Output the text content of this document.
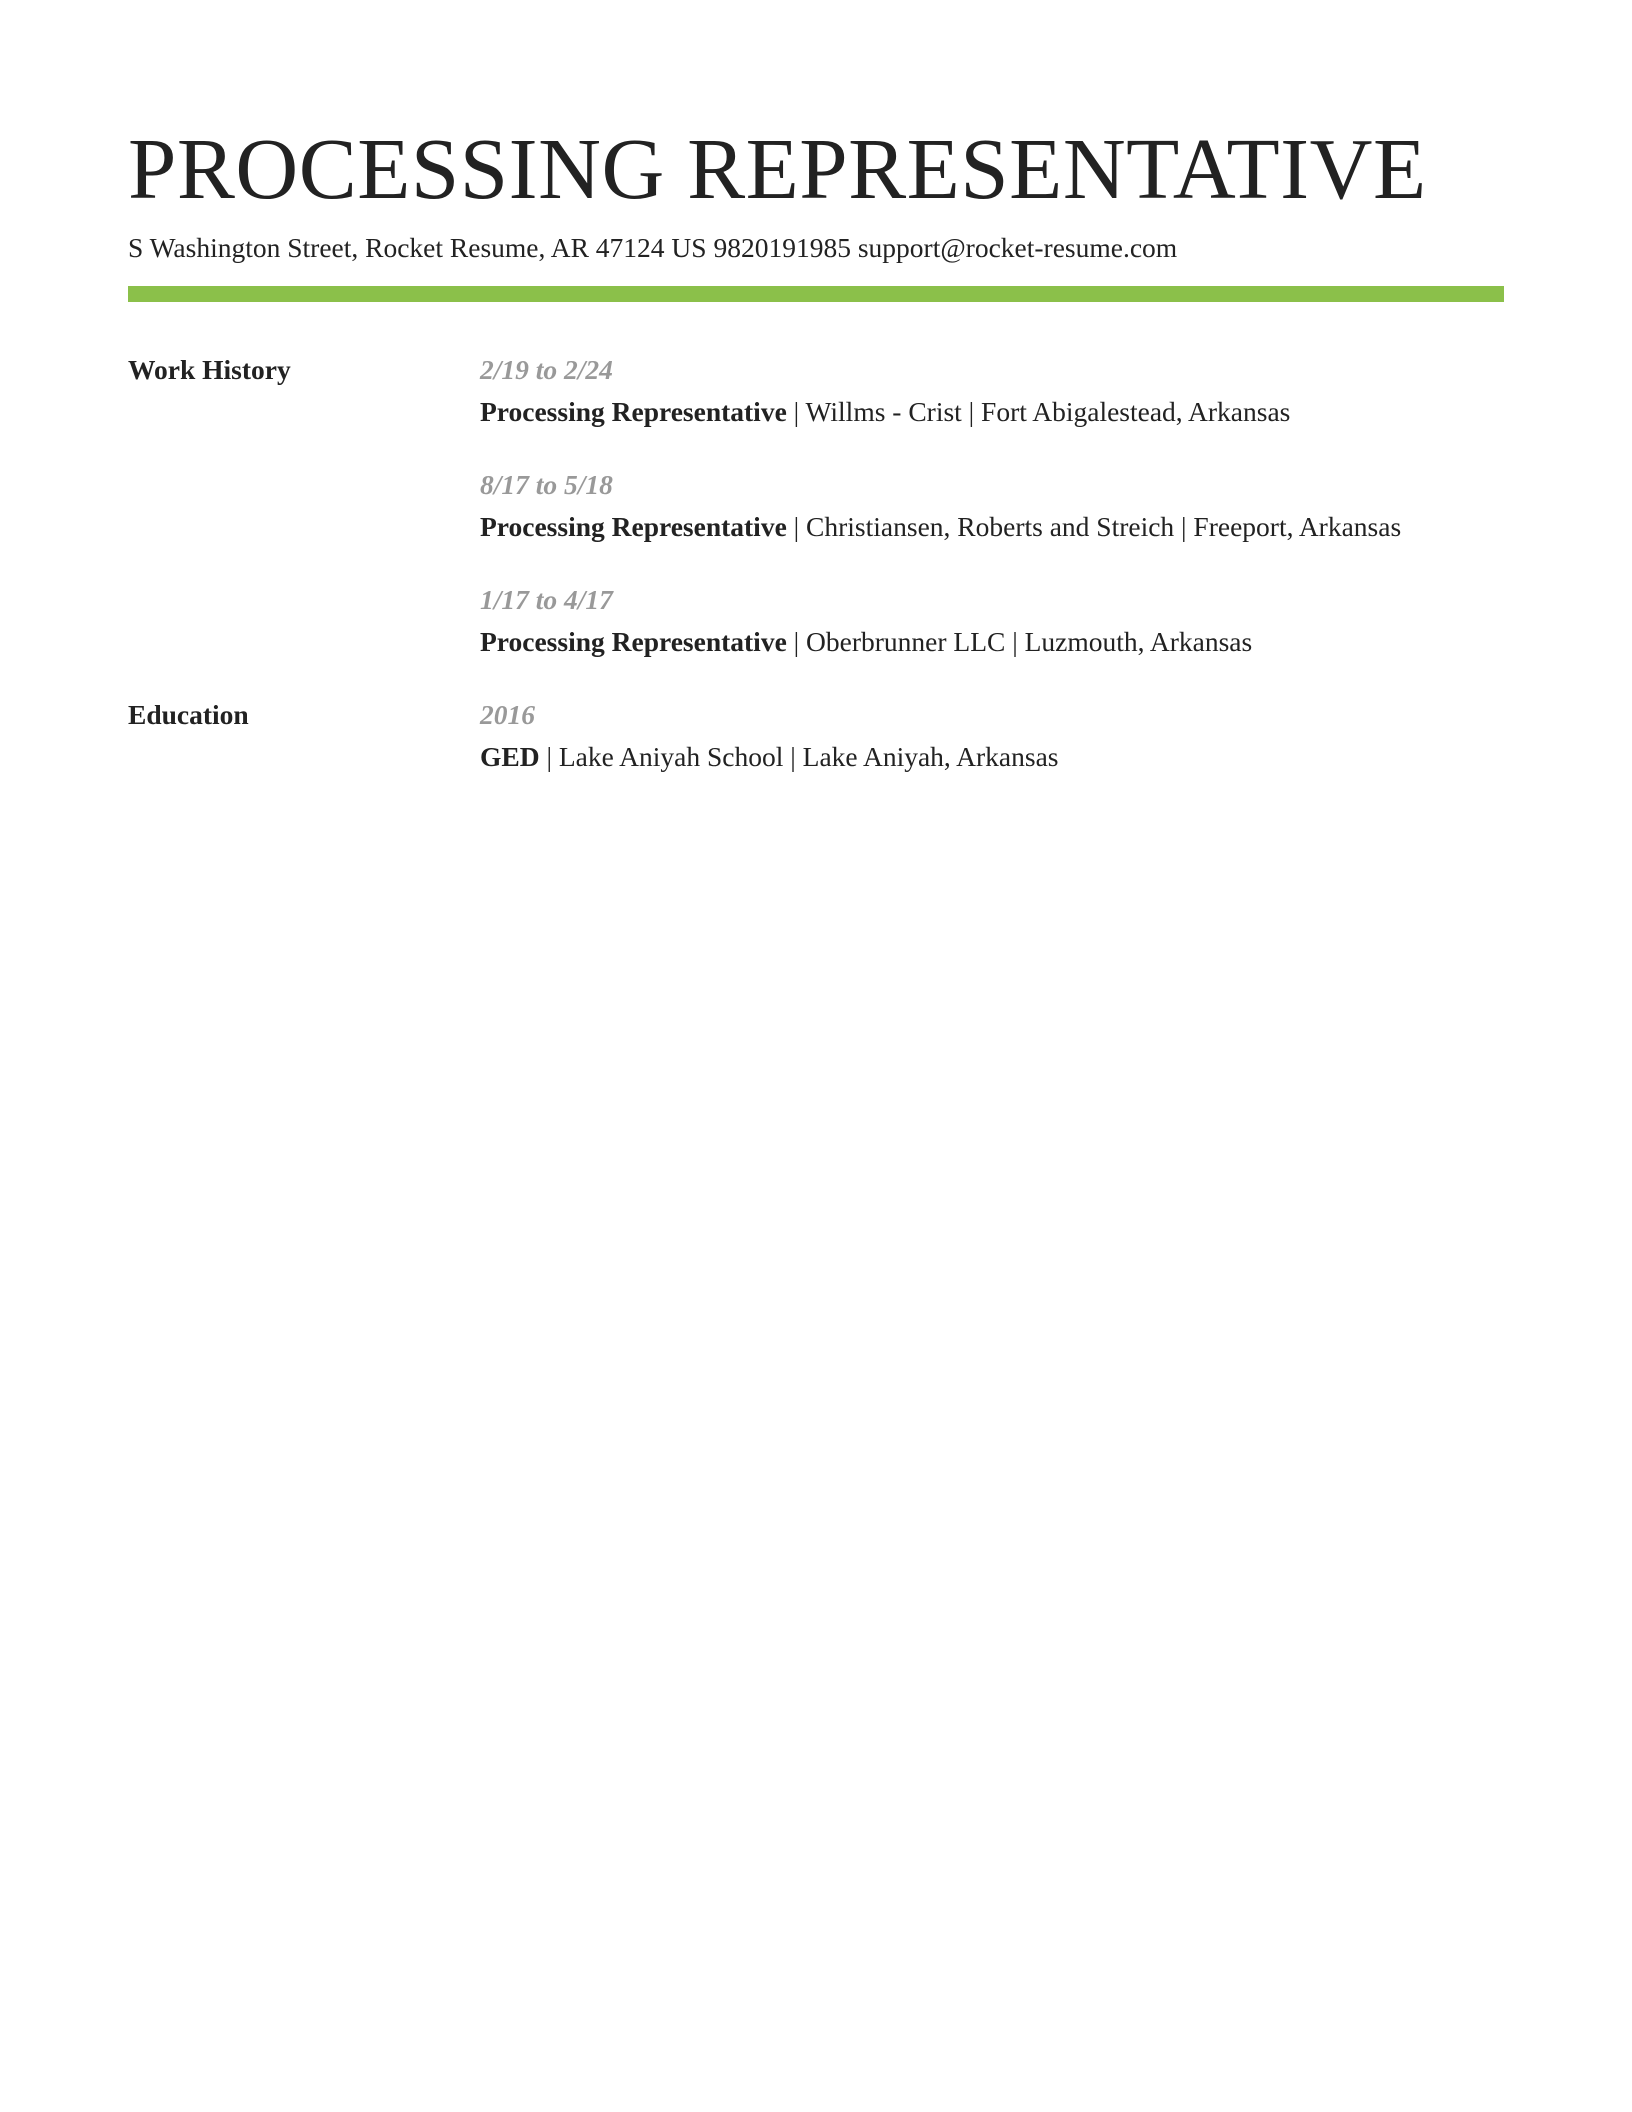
PROCESSING REPRESENTATIVE
S Washington Street, Rocket Resume, AR 47124 US 9820191985 support@rocket-resume.com
Work History	2/19 to 2/24
Processing Representative | Willms - Crist | Fort Abigalestead, Arkansas
8/17 to 5/18
Processing Representative | Christiansen, Roberts and Streich | Freeport, Arkansas
1/17 to 4/17
Processing Representative | Oberbrunner LLC | Luzmouth, Arkansas
Education	2016
GED | Lake Aniyah School | Lake Aniyah, Arkansas
